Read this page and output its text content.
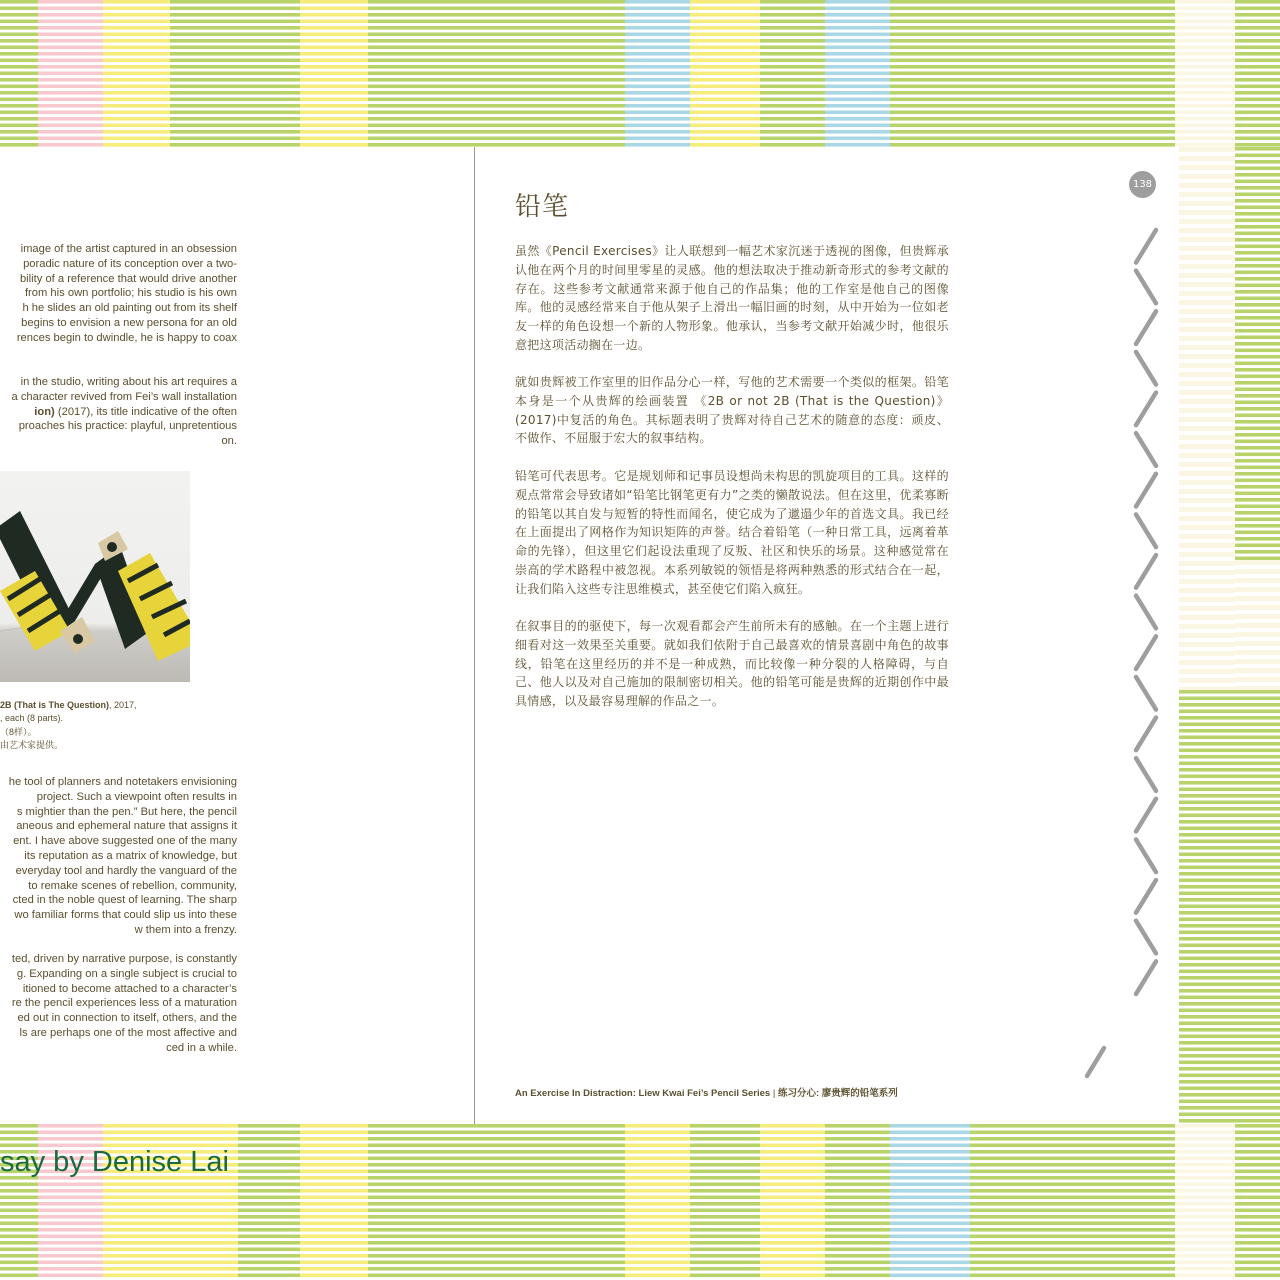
image of the artist captured in an obsession
poradic nature of its conception over a two-
bility of a reference that would drive another
from his own portfolio; his studio is his own
h he slides an old painting out from its shelf
begins to envision a new persona for an old
rences begin to dwindle, he is happy to coax

in the studio, writing about his art requires a
a character revived from Fei’s wall installation
ion) (2017), its title indicative of the often
proaches his practice: playful, unpretentious
on.

2B (That is The Question), 2017,
, each (8 parts).
（8样）。
由艺术家提供。

he tool of planners and notetakers envisioning
project. Such a viewpoint often results in
s mightier than the pen.” But here, the pencil
aneous and ephemeral nature that assigns it
ent. I have above suggested one of the many
its reputation as a matrix of knowledge, but
everyday tool and hardly the vanguard of the
to remake scenes of rebellion, community,
cted in the noble quest of learning. The sharp
wo familiar forms that could slip us into these
w them into a frenzy.

ted, driven by narrative purpose, is constantly
g. Expanding on a single subject is crucial to
itioned to become attached to a character’s
re the pencil experiences less of a maturation
ed out in connection to itself, others, and the
ls are perhaps one of the most affective and
ced in a while.

铅笔
138

虽然《Pencil Exercises》让人联想到一幅艺术家沉迷于透视的图像，但贵辉承认他在两个月的时间里零星的灵感。他的想法取决于推动新奇形式的参考文献的存在。这些参考文献通常来源于他自己的作品集；他的工作室是他自己的图像库。他的灵感经常来自于他从架子上滑出一幅旧画的时刻，从中开始为一位如老友一样的角色设想一个新的人物形象。他承认，当参考文献开始减少时，他很乐意把这项活动搁在一边。

就如贵辉被工作室里的旧作品分心一样，写他的艺术需要一个类似的框架。铅笔本身是一个从贵辉的绘画装置 《2B or not 2B (That is the Question)》(2017)中复活的角色。其标题表明了贵辉对待自己艺术的随意的态度：顽皮、不做作、不屈服于宏大的叙事结构。

铅笔可代表思考。它是规划师和记事员设想尚未构思的凯旋项目的工具。这样的观点常常会导致诸如“铅笔比钢笔更有力”之类的懒散说法。但在这里，优柔寡断的铅笔以其自发与短暂的特性而闻名，使它成为了邋遢少年的首选文具。我已经在上面提出了网格作为知识矩阵的声誉。结合着铅笔（一种日常工具，远离着革命的先锋），但这里它们起设法重现了反叛、社区和快乐的场景。这种感觉常在崇高的学术路程中被忽视。本系列敏锐的领悟是将两种熟悉的形式结合在一起，让我们陷入这些专注思维模式，甚至使它们陷入疯狂。

在叙事目的的驱使下，每一次观看都会产生前所未有的感触。在一个主题上进行细看对这一效果至关重要。就如我们依附于自己最喜欢的情景喜剧中角色的故事线，铅笔在这里经历的并不是一种成熟，而比较像一种分裂的人格障碍，与自己、他人以及对自己施加的限制密切相关。他的铅笔可能是贵辉的近期创作中最具情感，以及最容易理解的作品之一。

An Exercise In Distraction: Liew Kwai Fei’s Pencil Series | 练习分心: 廖贵辉的铅笔系列
say by Denise Lai
